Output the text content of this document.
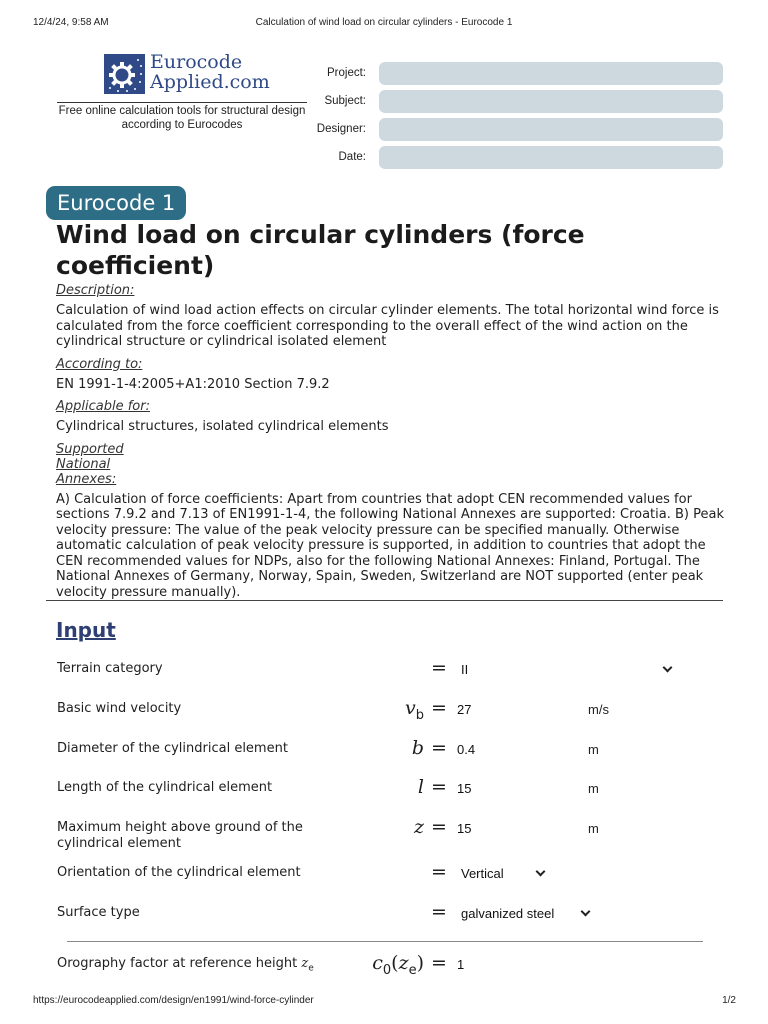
12/4/24, 9:58 AM	Calculation of wind load on circular cylinders - Eurocode 1
Eurocode
Applied.com
Free online calculation tools for structural design according to Eurocodes
Project:
Subject:
Designer:
Date:
Eurocode 1
Wind load on circular cylinders (force coefficient)
Description:
Calculation of wind load action effects on circular cylinder elements. The total horizontal wind force is calculated from the force coefficient corresponding to the overall effect of the wind action on the cylindrical structure or cylindrical isolated element
According to:
EN 1991-1-4:2005+A1:2010 Section 7.9.2
Applicable for:
Cylindrical structures, isolated cylindrical elements
Supported
National
Annexes:
A) Calculation of force coefficients: Apart from countries that adopt CEN recommended values for sections 7.9.2 and 7.13 of EN1991-1-4, the following National Annexes are supported: Croatia. B) Peak velocity pressure: The value of the peak velocity pressure can be specified manually. Otherwise automatic calculation of peak velocity pressure is supported, in addition to countries that adopt the CEN recommended values for NDPs, also for the following National Annexes: Finland, Portugal. The National Annexes of Germany, Norway, Spain, Sweden, Switzerland are NOT supported (enter peak velocity pressure manually).
Input
Terrain category	= II
Basic wind velocity	$v_b = 27$	m/s
Diameter of the cylindrical element	b = 0.4	m
Length of the cylindrical element	l = 15	m
Maximum height above ground of the cylindrical element
z = 15	m
Orientation of the cylindrical element	= Vertical
Surface type	= galvanized steel
Orography factor at reference height $z_e$	$c_0(z_e) = 1$
https://eurocodeapplied.com/design/en1991/wind-force-cylinder	1/2
